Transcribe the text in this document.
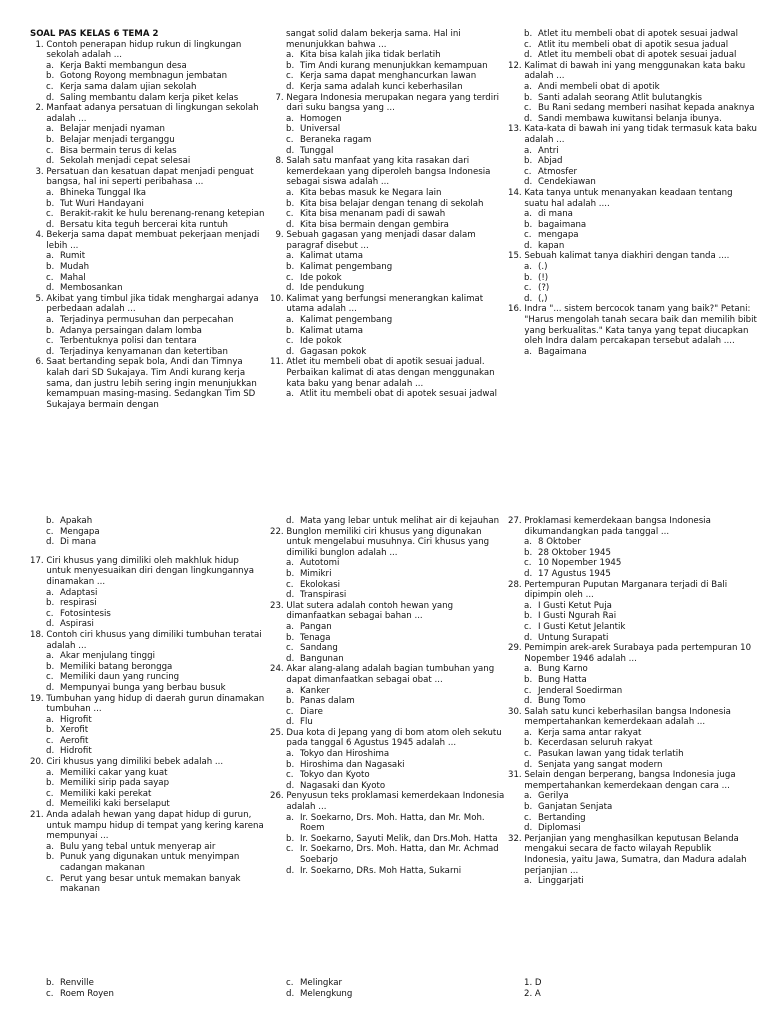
SOAL PAS KELAS 6 TEMA 2
1. Contoh penerapan hidup rukun di lingkungan sekolah adalah ...
a. Kerja Bakti membangun desa
b. Gotong Royong membnagun jembatan
c. Kerja sama dalam ujian sekolah
d. Saling membantu dalam kerja piket kelas
2. Manfaat adanya persatuan di lingkungan sekolah adalah ...
a. Belajar menjadi nyaman
b. Belajar menjadi terganggu
c. Bisa bermain terus di kelas
d. Sekolah menjadi cepat selesai
3. Persatuan dan kesatuan dapat menjadi penguat bangsa, hal ini seperti peribahasa ...
a. Bhineka Tunggal Ika
b. Tut Wuri Handayani
c. Berakit-rakit ke hulu berenang-renang ketepian
d. Bersatu kita teguh bercerai kita runtuh
4. Bekerja sama dapat membuat pekerjaan menjadi lebih ...
a. Rumit
b. Mudah
c. Mahal
d. Membosankan
5. Akibat yang timbul jika tidak menghargai adanya perbedaan adalah ...
a. Terjadinya permusuhan dan perpecahan
b. Adanya persaingan dalam lomba
c. Terbentuknya polisi dan tentara
d. Terjadinya kenyamanan dan ketertiban
6. Saat bertanding sepak bola, Andi dan Timnya kalah dari SD Sukajaya. Tim Andi kurang kerja sama, dan justru lebih sering ingin menunjukkan kemampuan masing-masing. Sedangkan Tim SD Sukajaya bermain dengan
sangat solid dalam bekerja sama. Hal ini menunjukkan bahwa ...
a. Kita bisa kalah jika tidak berlatih
b. Tim Andi kurang menunjukkan kemampuan
c. Kerja sama dapat menghancurkan lawan
d. Kerja sama adalah kunci keberhasilan
7. Negara Indonesia merupakan negara yang terdiri dari suku bangsa yang ...
a. Homogen
b. Universal
c. Beraneka ragam
d. Tunggal
8. Salah satu manfaat yang kita rasakan dari kemerdekaan yang diperoleh bangsa Indonesia sebagai siswa adalah ...
a. Kita bebas masuk ke Negara lain
b. Kita bisa belajar dengan tenang di sekolah
c. Kita bisa menanam padi di sawah
d. Kita bisa bermain dengan gembira
9. Sebuah gagasan yang menjadi dasar dalam paragraf disebut ...
a. Kalimat utama
b. Kalimat pengembang
c. Ide pokok
d. Ide pendukung
10. Kalimat yang berfungsi menerangkan kalimat utama adalah ...
a. Kalimat pengembang
b. Kalimat utama
c. Ide pokok
d. Gagasan pokok
11. Atlet itu membeli obat di apotik sesuai jadual. Perbaikan kalimat di atas dengan menggunakan kata baku yang benar adalah ...
a. Atlit itu membeli obat di apotek sesuai jadwal
b. Atlet itu membeli obat di apotek sesuai jadwal
c. Atlit itu membeli obat di apotik sesua jadual
d. Atlet itu membeli obat di apotek sesuai jadual
12. Kalimat di bawah ini yang menggunakan kata baku adalah ...
a. Andi membeli obat di apotik
b. Santi adalah seorang Atlit bulutangkis
c. Bu Rani sedang memberi nasihat kepada anaknya
d. Sandi membawa kuwitansi belanja ibunya.
13. Kata-kata di bawah ini yang tidak termasuk kata baku adalah ...
a. Antri
b. Abjad
c. Atmosfer
d. Cendekiawan
14. Kata tanya untuk menanyakan keadaan tentang suatu hal adalah ....
a. di mana
b. bagaimana
c. mengapa
d. kapan
15. Sebuah kalimat tanya diakhiri dengan tanda ....
a. (.)
b. (!)
c. (?)
d. (,)
16. Indra "... sistem bercocok tanam yang baik?" Petani: "Harus mengolah tanah secara baik dan memilih bibit yang berkualitas." Kata tanya yang tepat diucapkan oleh Indra dalam percakapan tersebut adalah ....
a. Bagaimana
b. Apakah
c. Mengapa
d. Di mana
17. Ciri khusus yang dimiliki oleh makhluk hidup untuk menyesuaikan diri dengan lingkungannya dinamakan ...
a. Adaptasi
b. respirasi
c. Fotosintesis
d. Aspirasi
18. Contoh ciri khusus yang dimiliki tumbuhan teratai adalah ...
a. Akar menjulang tinggi
b. Memiliki batang berongga
c. Memiliki daun yang runcing
d. Mempunyai bunga yang berbau busuk
19. Tumbuhan yang hidup di daerah gurun dinamakan tumbuhan ...
a. Higrofit
b. Xerofit
c. Aerofit
d. Hidrofit
20. Ciri khusus yang dimiliki bebek adalah ...
a. Memiliki cakar yang kuat
b. Memiliki sirip pada sayap
c. Memiliki kaki perekat
d. Memeiliki kaki berselaput
21. Anda adalah hewan yang dapat hidup di gurun, untuk mampu hidup di tempat yang kering karena mempunyai ...
a. Bulu yang tebal untuk menyerap air
b. Punuk yang digunakan untuk menyimpan cadangan makanan
c. Perut yang besar untuk memakan banyak makanan
d. Mata yang lebar untuk melihat air di kejauhan
22. Bunglon memiliki ciri khusus yang digunakan untuk mengelabui musuhnya. Ciri khusus yang dimiliki bunglon adalah ...
a. Autotomi
b. Mimikri
c. Ekolokasi
d. Transpirasi
23. Ulat sutera adalah contoh hewan yang dimanfaatkan sebagai bahan ...
a. Pangan
b. Tenaga
c. Sandang
d. Bangunan
24. Akar alang-alang adalah bagian tumbuhan yang dapat dimanfaatkan sebagai obat ...
a. Kanker
b. Panas dalam
c. Diare
d. Flu
25. Dua kota di Jepang yang di bom atom oleh sekutu pada tanggal 6 Agustus 1945 adalah ...
a. Tokyo dan Hiroshima
b. Hiroshima dan Nagasaki
c. Tokyo dan Kyoto
d. Nagasaki dan Kyoto
26. Penyusun teks proklamasi kemerdekaan Indonesia adalah ...
a. Ir. Soekarno, Drs. Moh. Hatta, dan Mr. Moh. Roem
b. Ir. Soekarno, Sayuti Melik, dan Drs.Moh. Hatta
c. Ir. Soekarno, Drs. Moh. Hatta, dan Mr. Achmad Soebarjo
d. Ir. Soekarno, DRs. Moh Hatta, Sukarni
27. Proklamasi kemerdekaan bangsa Indonesia dikumandangkan pada tanggal ...
a. 8 Oktober
b. 28 Oktober 1945
c. 10 Nopember 1945
d. 17 Agustus 1945
28. Pertempuran Puputan Marganara terjadi di Bali dipimpin oleh ...
a. I Gusti Ketut Puja
b. I Gusti Ngurah Rai
c. I Gusti Ketut Jelantik
d. Untung Surapati
29. Pemimpin arek-arek Surabaya pada pertempuran 10 Nopember 1946 adalah ...
a. Bung Karno
b. Bung Hatta
c. Jenderal Soedirman
d. Bung Tomo
30. Salah satu kunci keberhasilan bangsa Indonesia mempertahankan kemerdekaan adalah ...
a. Kerja sama antar rakyat
b. Kecerdasan seluruh rakyat
c. Pasukan lawan yang tidak terlatih
d. Senjata yang sangat modern
31. Selain dengan berperang, bangsa Indonesia juga mempertahankan kemerdekaan dengan cara ...
a. Gerilya
b. Ganjatan Senjata
c. Bertanding
d. Diplomasi
32. Perjanjian yang menghasilkan keputusan Belanda mengakui secara de facto wilayah Republik Indonesia, yaitu Jawa, Sumatra, dan Madura adalah perjanjian ...
a. Linggarjati
b. Renville
c. Roem Royen
c. Melingkar
d. Melengkung
1. D
2. A
